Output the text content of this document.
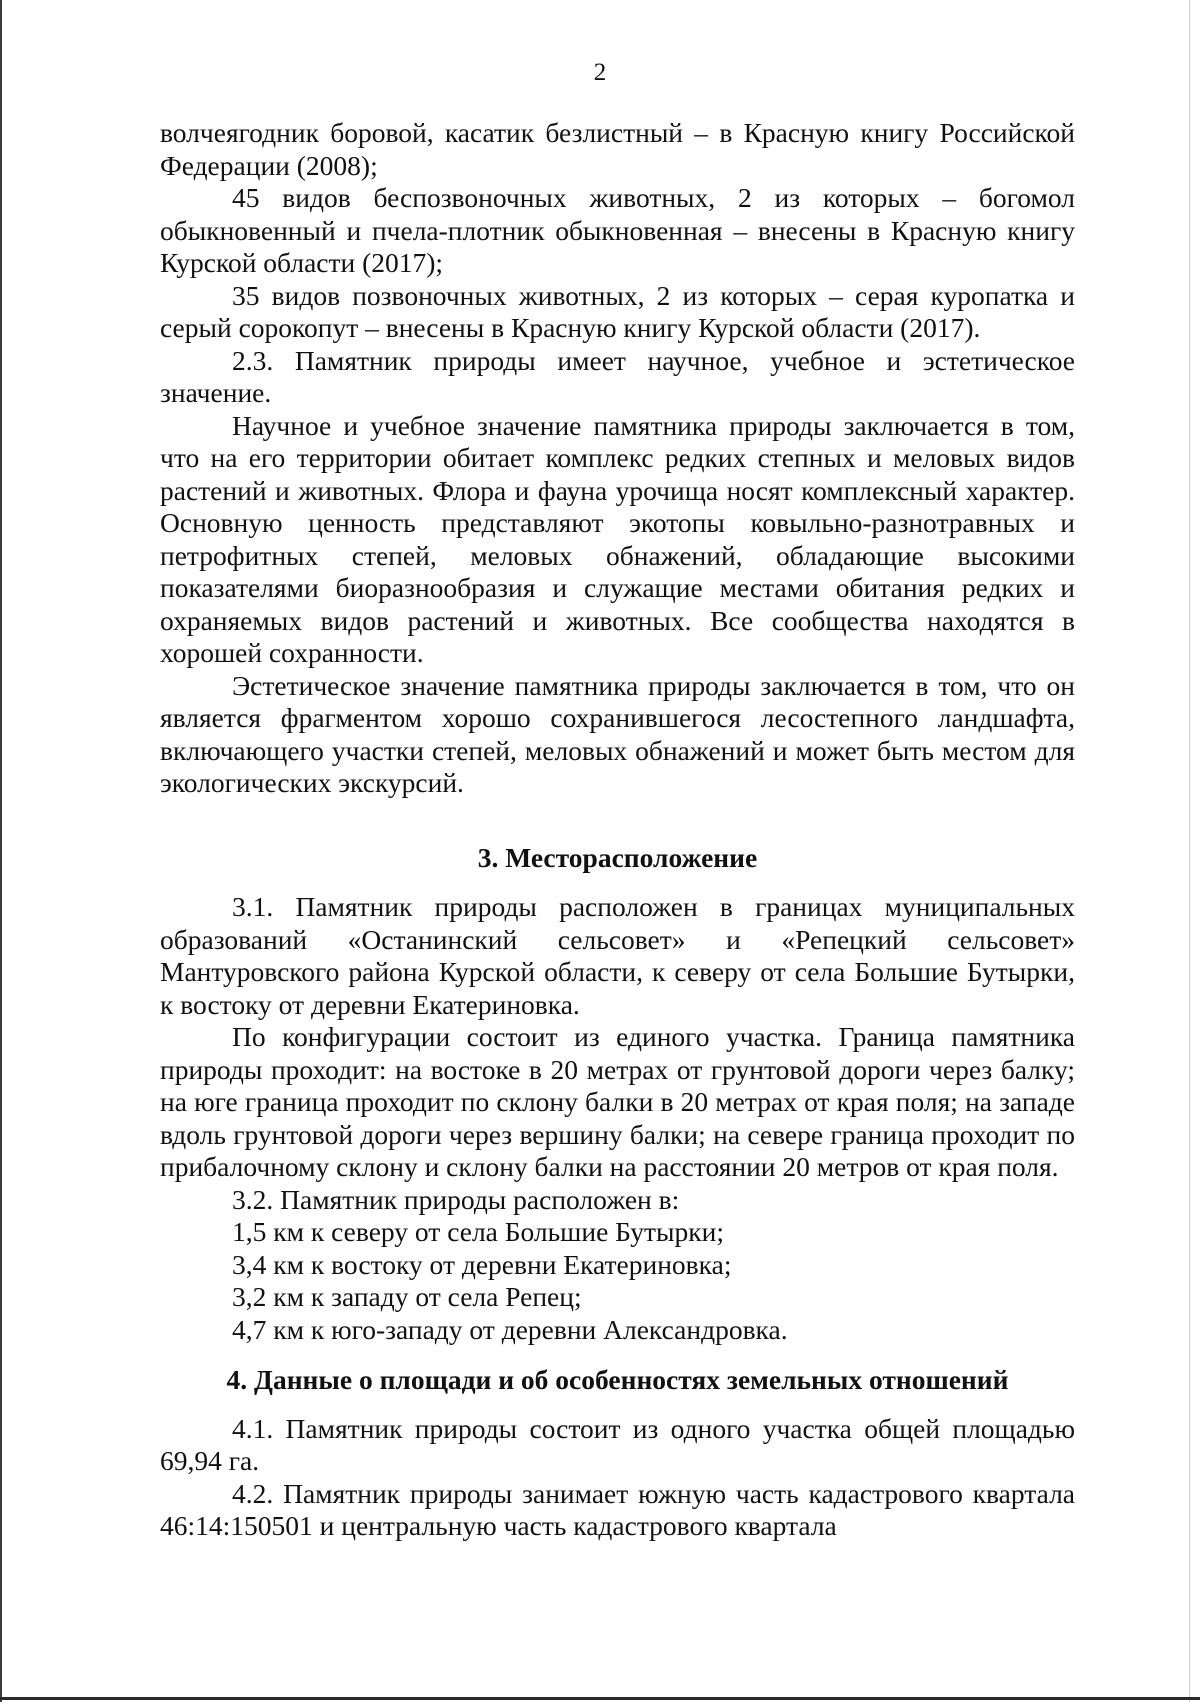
2

волчеягодник боровой, касатик безлистный – в Красную книгу Российской Федерации (2008);

45 видов беспозвоночных животных, 2 из которых – богомол обыкновенный и пчела-плотник обыкновенная – внесены в Красную книгу Курской области (2017);

35 видов позвоночных животных, 2 из которых – серая куропатка и серый сорокопут – внесены в Красную книгу Курской области (2017).

2.3. Памятник природы имеет научное, учебное и эстетическое значение.

Научное и учебное значение памятника природы заключается в том, что на его территории обитает комплекс редких степных и меловых видов растений и животных. Флора и фауна урочища носят комплексный характер. Основную ценность представляют экотопы ковыльно-разнотравных и петрофитных степей, меловых обнажений, обладающие высокими показателями биоразнообразия и служащие местами обитания редких и охраняемых видов растений и животных. Все сообщества находятся в хорошей сохранности.

Эстетическое значение памятника природы заключается в том, что он является фрагментом хорошо сохранившегося лесостепного ландшафта, включающего участки степей, меловых обнажений и может быть местом для экологических экскурсий.

3. Месторасположение

3.1. Памятник природы расположен в границах муниципальных образований «Останинский сельсовет» и «Репецкий сельсовет» Мантуровского района Курской области, к северу от села Большие Бутырки, к востоку от деревни Екатериновка.

По конфигурации состоит из единого участка. Граница памятника природы проходит: на востоке в 20 метрах от грунтовой дороги через балку; на юге граница проходит по склону балки в 20 метрах от края поля; на западе вдоль грунтовой дороги через вершину балки; на севере граница проходит по прибалочному склону и склону балки на расстоянии 20 метров от края поля.

3.2. Памятник природы расположен в:

1,5 км к северу от села Большие Бутырки;

3,4 км к востоку от деревни Екатериновка;

3,2 км к западу от села Репец;

4,7 км к юго-западу от деревни Александровка.

4. Данные о площади и об особенностях земельных отношений

4.1. Памятник природы состоит из одного участка общей площадью 69,94 га.

4.2. Памятник природы занимает южную часть кадастрового квартала 46:14:150501 и центральную часть кадастрового квартала
